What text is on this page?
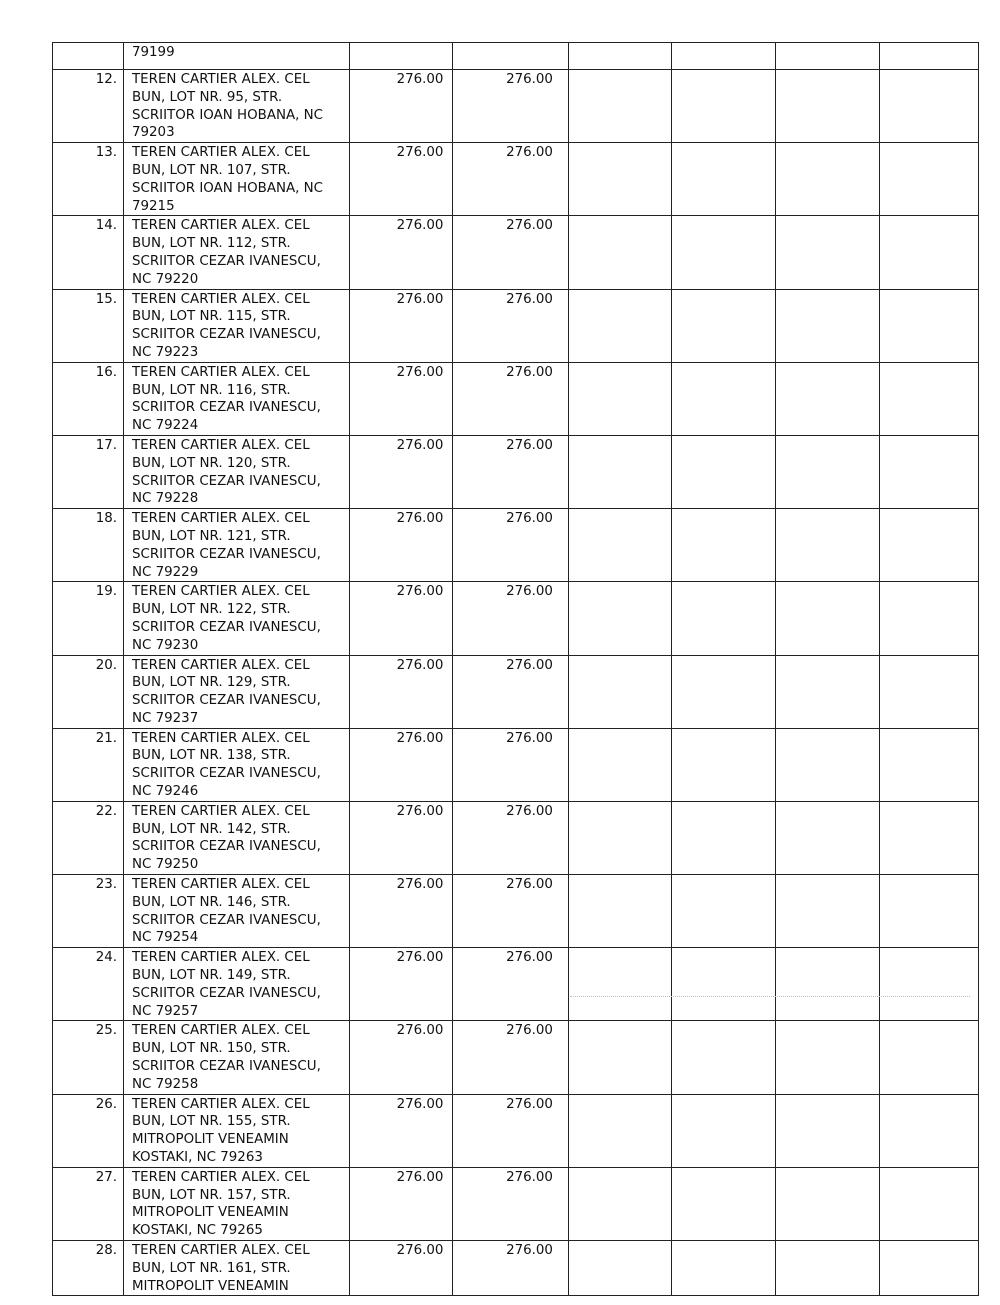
	79199						
12.	TEREN CARTIER ALEX. CEL
BUN, LOT NR. 95, STR.
SCRIITOR IOAN HOBANA, NC
79203	276.00	276.00				
13.	TEREN CARTIER ALEX. CEL
BUN, LOT NR. 107, STR.
SCRIITOR IOAN HOBANA, NC
79215	276.00	276.00				
14.	TEREN CARTIER ALEX. CEL
BUN, LOT NR. 112, STR.
SCRIITOR CEZAR IVANESCU,
NC 79220	276.00	276.00				
15.	TEREN CARTIER ALEX. CEL
BUN, LOT NR. 115, STR.
SCRIITOR CEZAR IVANESCU,
NC 79223	276.00	276.00				
16.	TEREN CARTIER ALEX. CEL
BUN, LOT NR. 116, STR.
SCRIITOR CEZAR IVANESCU,
NC 79224	276.00	276.00				
17.	TEREN CARTIER ALEX. CEL
BUN, LOT NR. 120, STR.
SCRIITOR CEZAR IVANESCU,
NC 79228	276.00	276.00				
18.	TEREN CARTIER ALEX. CEL
BUN, LOT NR. 121, STR.
SCRIITOR CEZAR IVANESCU,
NC 79229	276.00	276.00				
19.	TEREN CARTIER ALEX. CEL
BUN, LOT NR. 122, STR.
SCRIITOR CEZAR IVANESCU,
NC 79230	276.00	276.00				
20.	TEREN CARTIER ALEX. CEL
BUN, LOT NR. 129, STR.
SCRIITOR CEZAR IVANESCU,
NC 79237	276.00	276.00				
21.	TEREN CARTIER ALEX. CEL
BUN, LOT NR. 138, STR.
SCRIITOR CEZAR IVANESCU,
NC 79246	276.00	276.00				
22.	TEREN CARTIER ALEX. CEL
BUN, LOT NR. 142, STR.
SCRIITOR CEZAR IVANESCU,
NC 79250	276.00	276.00				
23.	TEREN CARTIER ALEX. CEL
BUN, LOT NR. 146, STR.
SCRIITOR CEZAR IVANESCU,
NC 79254	276.00	276.00				
24.	TEREN CARTIER ALEX. CEL
BUN, LOT NR. 149, STR.
SCRIITOR CEZAR IVANESCU,
NC 79257	276.00	276.00				
25.	TEREN CARTIER ALEX. CEL
BUN, LOT NR. 150, STR.
SCRIITOR CEZAR IVANESCU,
NC 79258	276.00	276.00				
26.	TEREN CARTIER ALEX. CEL
BUN, LOT NR. 155, STR.
MITROPOLIT VENEAMIN
KOSTAKI, NC 79263	276.00	276.00				
27.	TEREN CARTIER ALEX. CEL
BUN, LOT NR. 157, STR.
MITROPOLIT VENEAMIN
KOSTAKI, NC 79265	276.00	276.00				
28.	TEREN CARTIER ALEX. CEL
BUN, LOT NR. 161, STR.
MITROPOLIT VENEAMIN	276.00	276.00				
